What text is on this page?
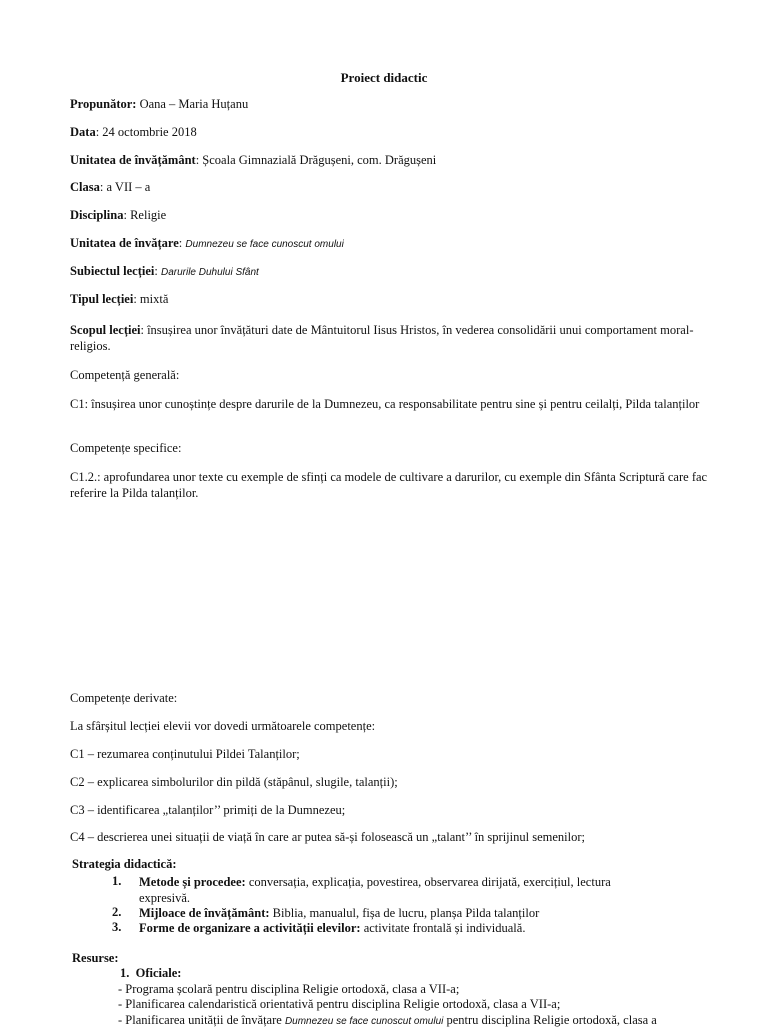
Proiect didactic
Propunător: Oana – Maria Huțanu
Data: 24 octombrie 2018
Unitatea de învățământ: Școala Gimnazială Drăgușeni, com. Drăgușeni
Clasa: a VII – a
Disciplina: Religie
Unitatea de învățare: Dumnezeu se face cunoscut omului
Subiectul lecției: Darurile Duhului Sfânt
Tipul lecției: mixtă
Scopul lecției: însușirea unor învățături date de Mântuitorul Iisus Hristos, în vederea consolidării unui comportament moral-religios.
Competență generală:
C1: însușirea unor cunoștințe despre darurile de la Dumnezeu, ca responsabilitate pentru sine și pentru ceilalți, Pilda talanților
Competențe specifice:
C1.2.: aprofundarea unor texte cu exemple de sfinți ca modele de cultivare a darurilor, cu exemple din Sfânta Scriptură care fac referire la Pilda talanților.
Competențe derivate:
La sfârșitul lecției elevii vor dovedi următoarele competențe:
C1 – rezumarea conținutului Pildei Talanților;
C2 – explicarea simbolurilor din pildă (stăpânul, slugile, talanții);
C3 – identificarea „talanților’’ primiți de la Dumnezeu;
C4 – descrierea unei situații de viață în care ar putea să-și folosească un „talant’’ în sprijinul semenilor;
Strategia didactică:
1. Metode și procedee: conversația, explicația, povestirea, observarea dirijată, exercițiul, lectura expresivă.
2. Mijloace de învățământ: Biblia, manualul, fișa de lucru, planșa Pilda talanților
3. Forme de organizare a activității elevilor: activitate frontală și individuală.
Resurse:
1. Oficiale:
- Programa școlară pentru disciplina Religie ortodoxă, clasa a VII-a;
- Planificarea calendaristică orientativă pentru disciplina Religie ortodoxă, clasa a VII-a;
- Planificarea unității de învățare Dumnezeu se face cunoscut omului pentru disciplina Religie ortodoxă, clasa a
